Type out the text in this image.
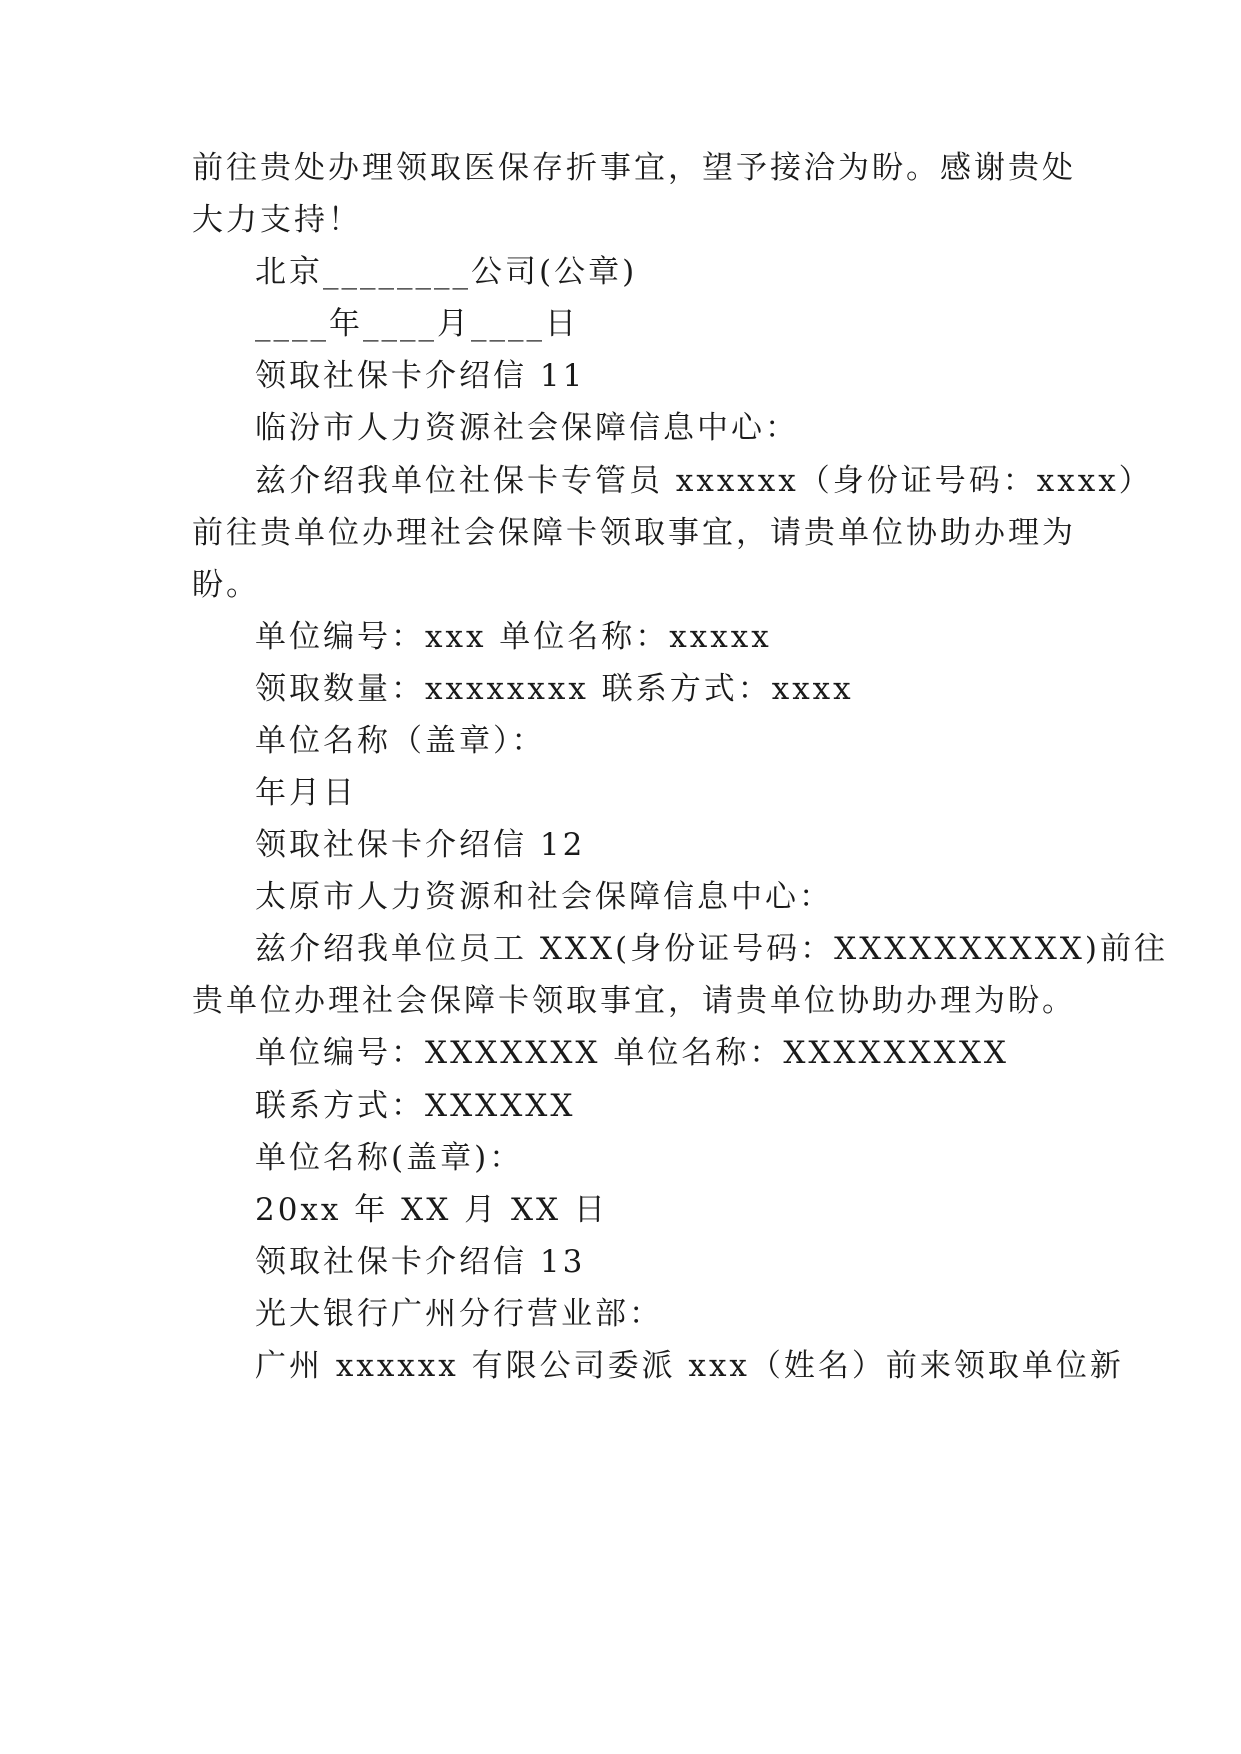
前往贵处办理领取医保存折事宜，望予接洽为盼。感谢贵处
大力支持！
北京________公司(公章)
____年____月____日
领取社保卡介绍信 11
临汾市人力资源社会保障信息中心：
兹介绍我单位社保卡专管员 xxxxxx（身份证号码：xxxx）
前往贵单位办理社会保障卡领取事宜，请贵单位协助办理为
盼。
单位编号：xxx 单位名称：xxxxx
领取数量：xxxxxxxx 联系方式：xxxx
单位名称（盖章）：
年月日
领取社保卡介绍信 12
太原市人力资源和社会保障信息中心：
兹介绍我单位员工 XXX(身份证号码：XXXXXXXXXX)前往
贵单位办理社会保障卡领取事宜，请贵单位协助办理为盼。
单位编号：XXXXXXX 单位名称：XXXXXXXXX
联系方式：XXXXXX
单位名称(盖章)：
20xx 年 XX 月 XX 日
领取社保卡介绍信 13
光大银行广州分行营业部：
广州 xxxxxx 有限公司委派 xxx（姓名）前来领取单位新
